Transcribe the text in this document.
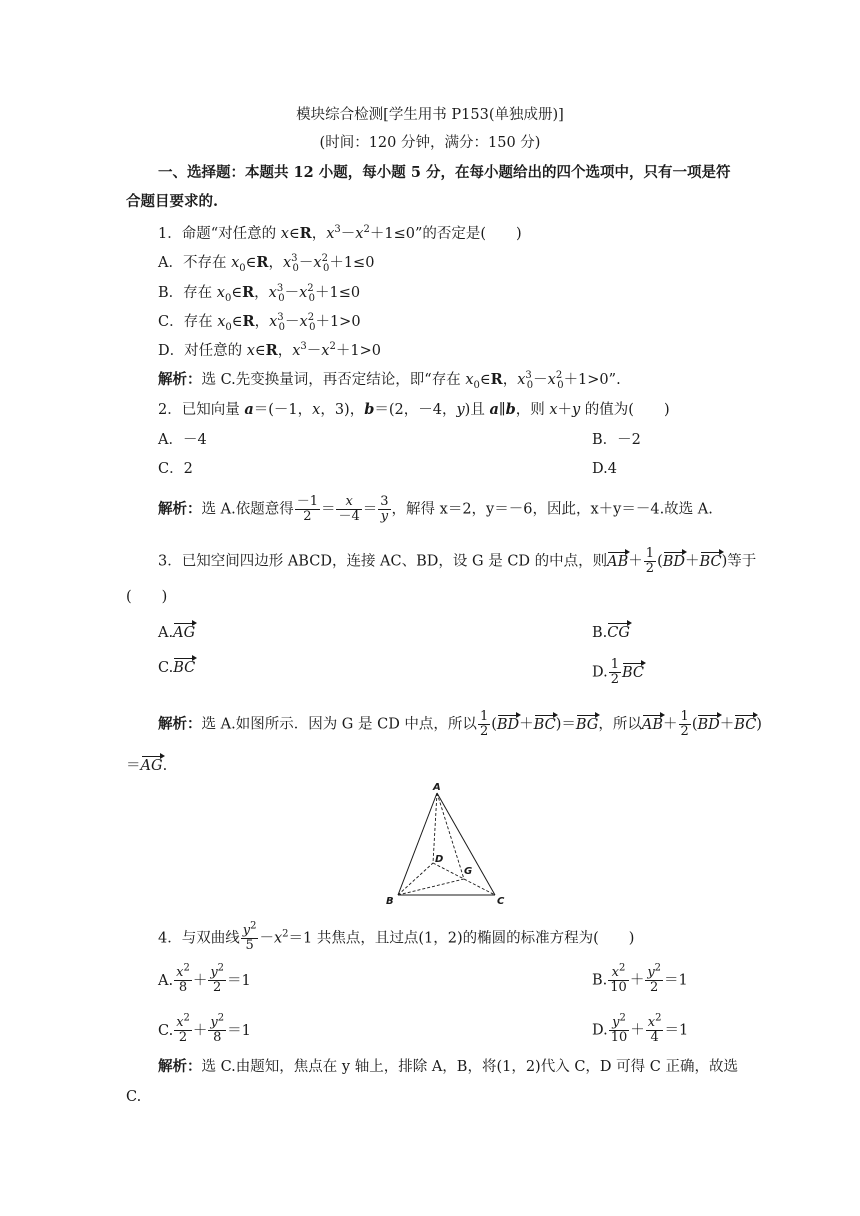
模块综合检测[学生用书 P153(单独成册)]
(时间：120 分钟，满分：150 分)
一、选择题：本题共 12 小题，每小题 5 分，在每小题给出的四个选项中，只有一项是符
合题目要求的.
1．命题“对任意的 x∈R，$x^3-x^2+1\le 0$”的否定是( )
A．不存在 $x_0\in R$，$x^3_0-x^2_0+1\le 0$
B．存在 $x_0\in R$，$x^3_0-x^2_0+1\le 0$
C．存在 $x_0\in R$，$x^3_0-x^2_0+1>0$
D．对任意的 x∈R，$x^3-x^2+1>0$
解析：选 C.先变换量词，再否定结论，即“存在 $x_0\in R$，$x^3_0-x^2_0+1>0$”.
2．已知向量 a＝(－1，x，3)，b＝(2，－4，y)且 a∥b，则 x＋y 的值为( )
A．－4	B．－2
C．2	D.4
解析：选 A.依题意得 $\frac{-1}{2} = \frac{x}{-4} = \frac{3}{y}$ ，解得 x＝2，y＝－6，因此，x＋y＝－4.故选 A.
3．已知空间四边形 ABCD，连接 AC、BD，设 G 是 CD 的中点，则$AB+ \frac{1}{2} (BD+BC)$等于
( )
A.AG	B.CG
C.BC	D. $\frac{1}{2}$ BC
解析：选 A.如图所示．因为 G 是 CD 中点，所以 $\frac{1}{2} (BD+BC)=BG$，所以$AB+ \frac{1}{2} (BD+BC)$
＝AG.
A
B	C
D
G
4．与双曲线 $\frac{y^2}{5} -x^2=1$ 共焦点，且过点(1，2)的椭圆的标准方程为( )
A. $\frac{x^2}{8} + \frac{y^2}{2} =1$	B. $\frac{x^2}{10} + \frac{y^2}{2} =1$
C. $\frac{x^2}{2} + \frac{y^2}{8} =1$	D. $\frac{y^2}{10} + \frac{x^2}{4} =1$
解析：选 C.由题知，焦点在 y 轴上，排除 A，B，将(1，2)代入 C，D 可得 C 正确，故选
C.
